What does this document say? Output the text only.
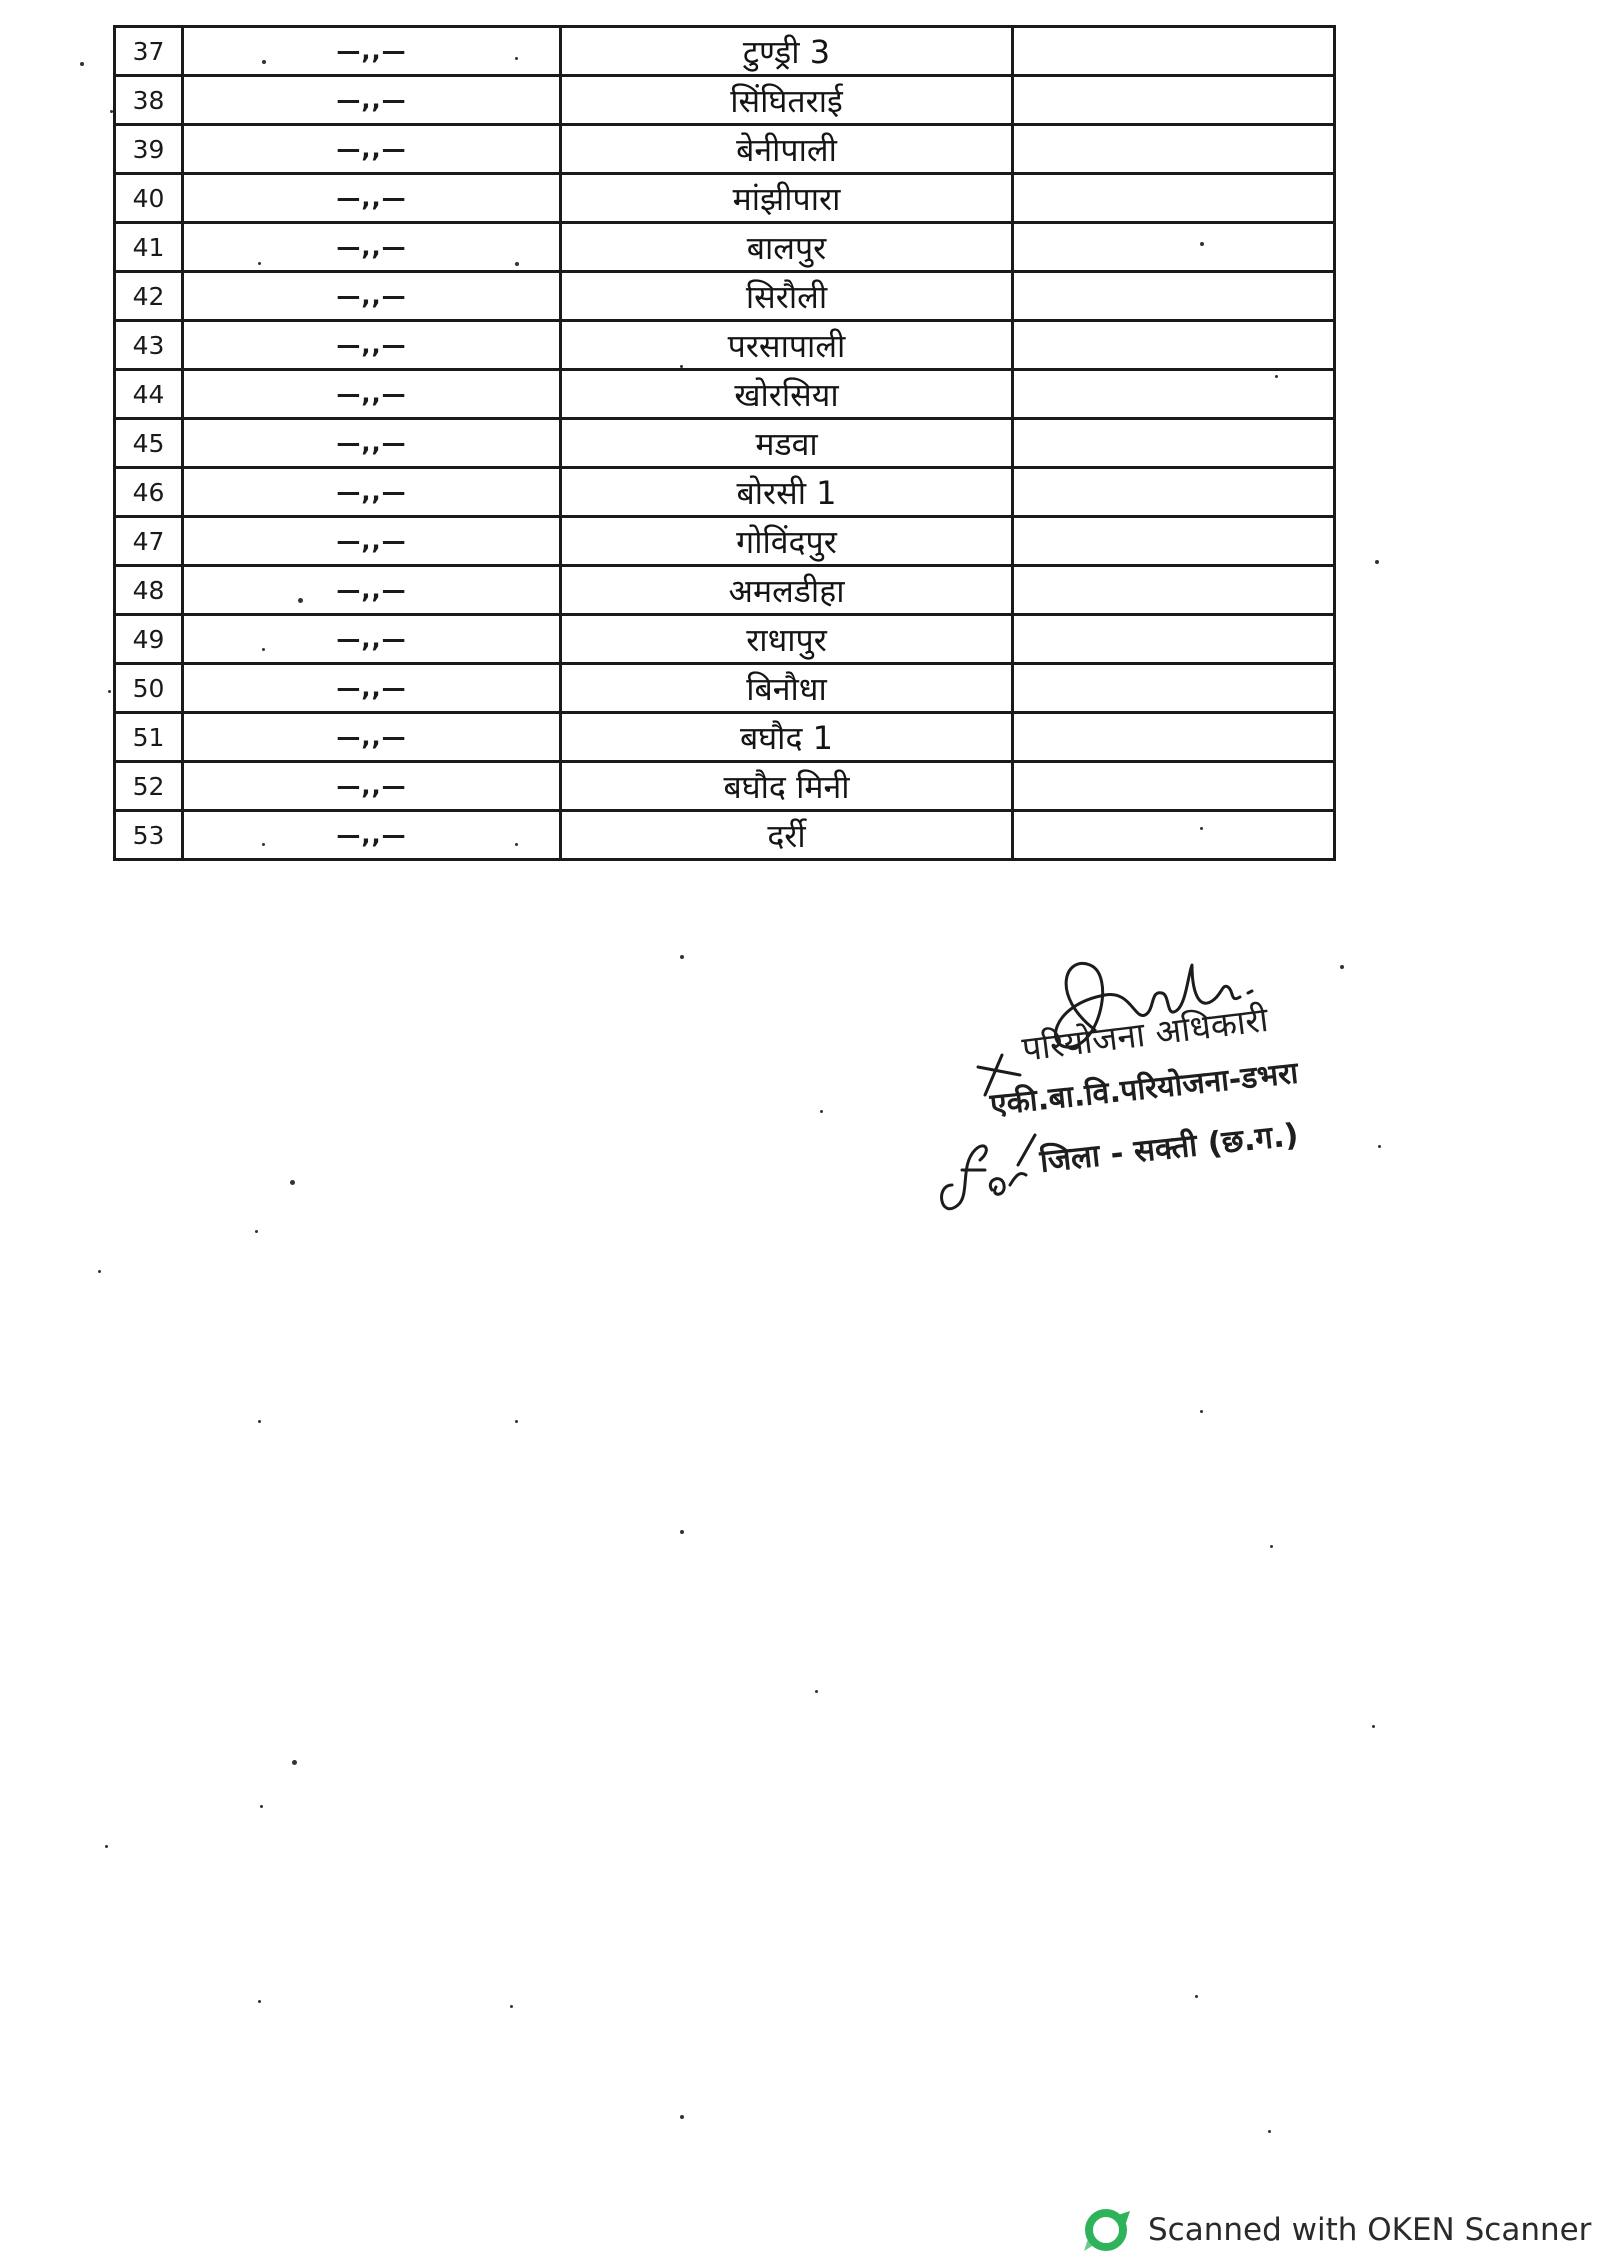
37	—,,—	टुण्ड्री 3	
38	—,,—	सिंघितराई	
39	—,,—	बेनीपाली	
40	—,,—	मांझीपारा	
41	—,,—	बालपुर	
42	—,,—	सिरौली	
43	—,,—	परसापाली	
44	—,,—	खोरसिया	
45	—,,—	मडवा	
46	—,,—	बोरसी 1	
47	—,,—	गोविंदपुर	
48	—,,—	अमलडीहा	
49	—,,—	राधापुर	
50	—,,—	बिनौधा	
51	—,,—	बघौद 1	
52	—,,—	बघौद मिनी	
53	—,,—	दर्री	
परियोजना अधिकारी
एकी.बा.वि.परियोजना-डभरा
जिला - सक्ती (छ.ग.)
Scanned with OKEN Scanner
